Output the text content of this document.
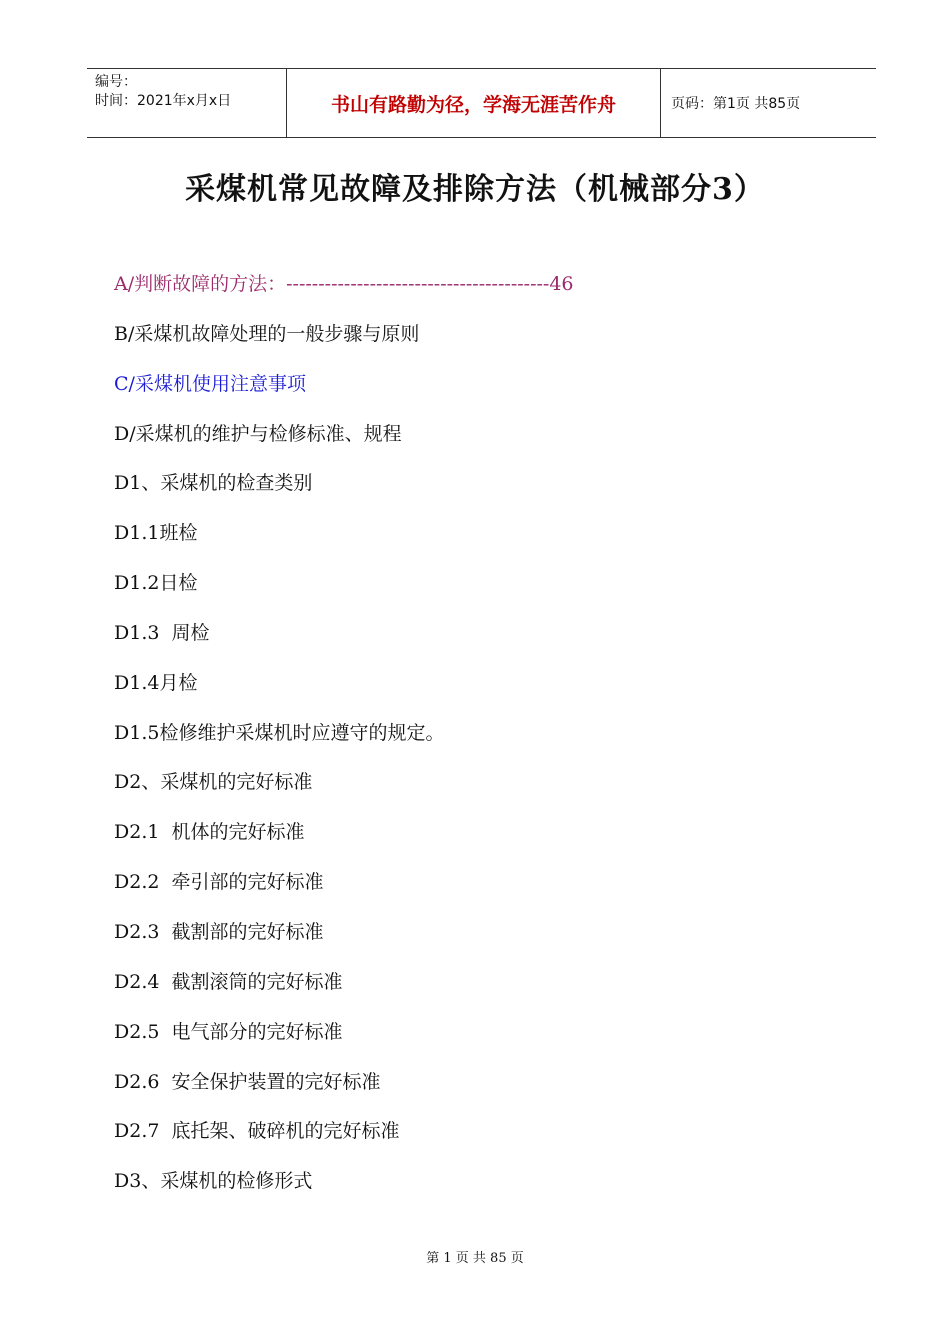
编号：
时间：2021年x月x日	书山有路勤为径，学海无涯苦作舟	页码：第1页 共85页
采煤机常见故障及排除方法（机械部分3）
A/判断故障的方法：-----------------------------------------46
B/采煤机故障处理的一般步骤与原则
C/采煤机使用注意事项
D/采煤机的维护与检修标准、规程
D1、采煤机的检查类别
D1.1班检
D1.2日检
D1.3  周检
D1.4月检
D1.5检修维护采煤机时应遵守的规定。
D2、采煤机的完好标准
D2.1  机体的完好标准
D2.2  牵引部的完好标准
D2.3  截割部的完好标准
D2.4  截割滚筒的完好标准
D2.5  电气部分的完好标准
D2.6  安全保护装置的完好标准
D2.7  底托架、破碎机的完好标准
D3、采煤机的检修形式
第 1 页 共 85 页
